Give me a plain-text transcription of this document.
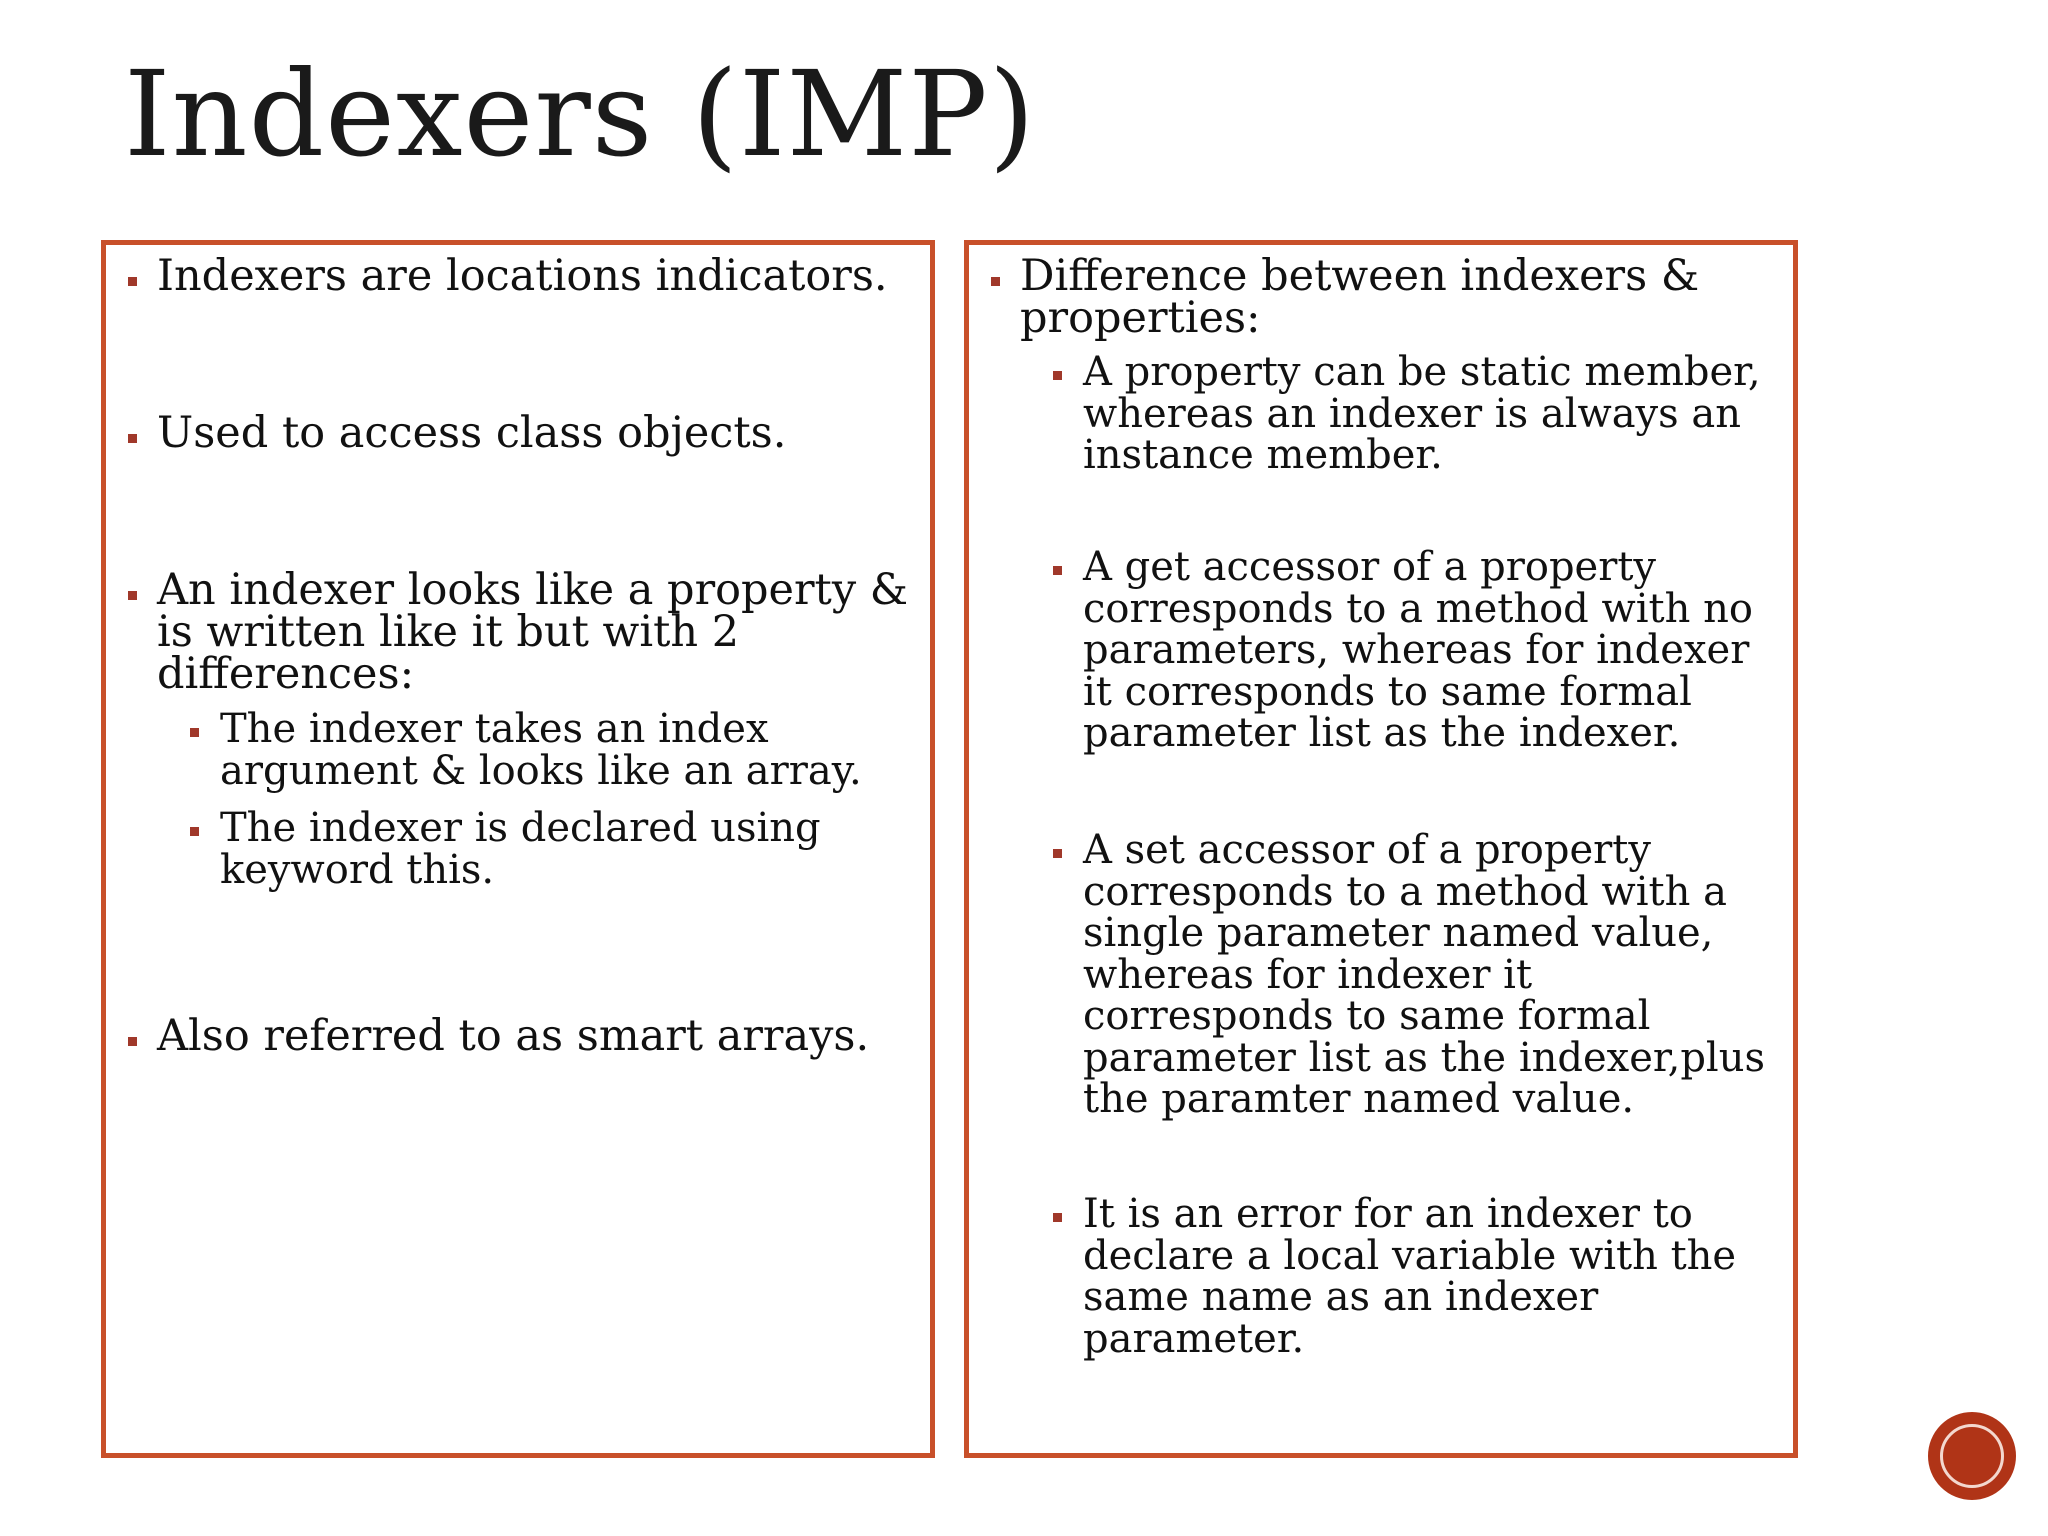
Indexers (IMP)
Indexers are locations indicators.
Used to access class objects.
An indexer looks like a property &
is written like it but with 2
differences:
The indexer takes an index
argument & looks like an array.
The indexer is declared using
keyword this.
Also referred to as smart arrays.
Difference between indexers &
properties:
A property can be static member,
whereas an indexer is always an
instance member.
A get accessor of a property
corresponds to a method with no
parameters, whereas for indexer
it corresponds to same formal
parameter list as the indexer.
A set accessor of a property
corresponds to a method with a
single parameter named value,
whereas for indexer it
corresponds to same formal
parameter list as the indexer,plus
the paramter named value.
It is an error for an indexer to
declare a local variable with the
same name as an indexer
parameter.
